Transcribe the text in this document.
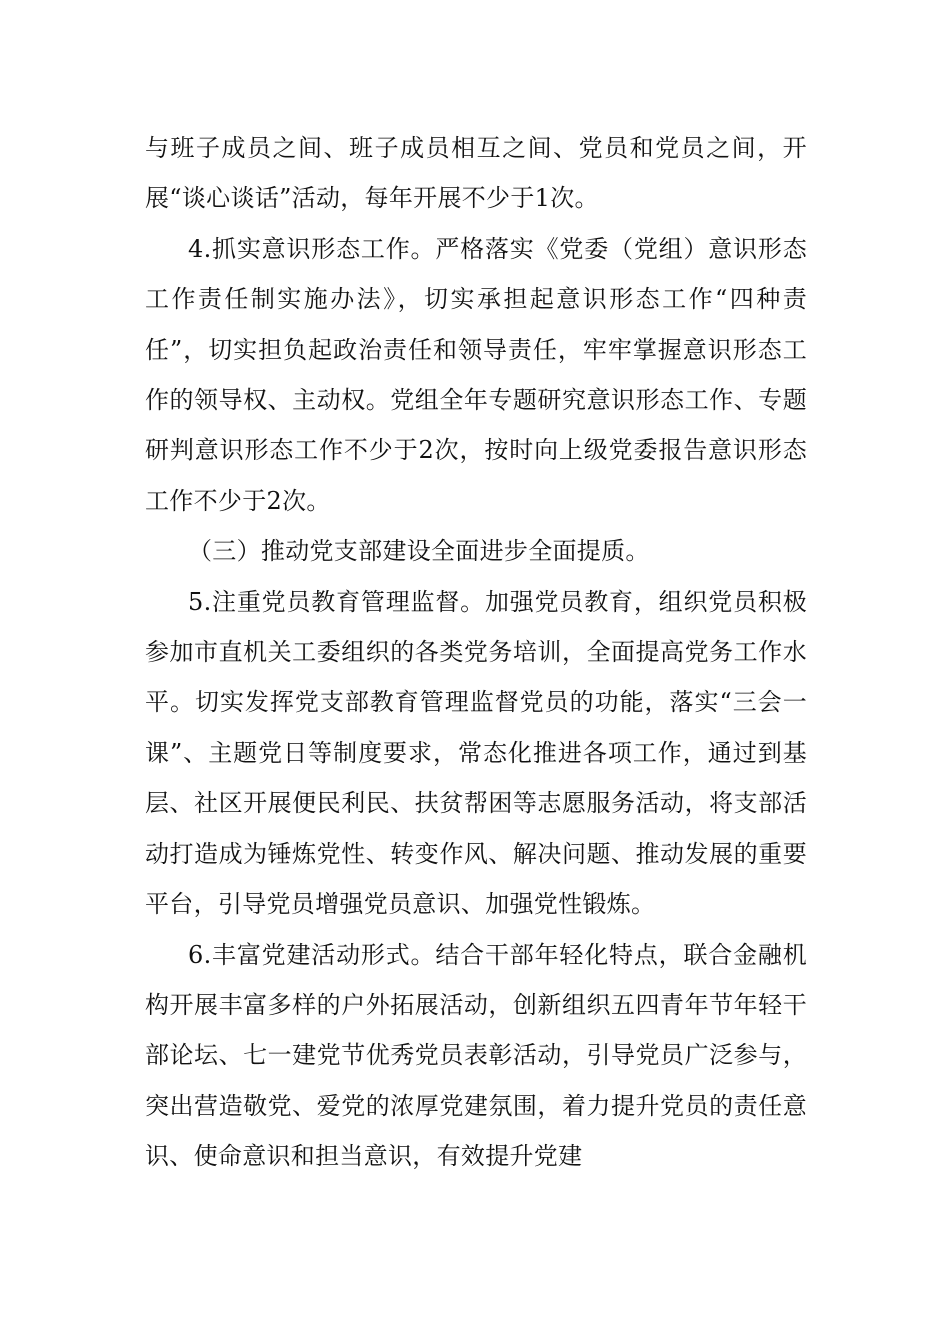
与班子成员之间、班子成员相互之间、党员和党员之间，开展“谈心谈话”活动，每年开展不少于1次。

4.抓实意识形态工作。严格落实《党委（党组）意识形态工作责任制实施办法》，切实承担起意识形态工作“四种责任”，切实担负起政治责任和领导责任，牢牢掌握意识形态工作的领导权、主动权。党组全年专题研究意识形态工作、专题研判意识形态工作不少于2次，按时向上级党委报告意识形态工作不少于2次。

（三）推动党支部建设全面进步全面提质。

5.注重党员教育管理监督。加强党员教育，组织党员积极参加市直机关工委组织的各类党务培训，全面提高党务工作水平。切实发挥党支部教育管理监督党员的功能，落实“三会一课”、主题党日等制度要求，常态化推进各项工作，通过到基层、社区开展便民利民、扶贫帮困等志愿服务活动，将支部活动打造成为锤炼党性、转变作风、解决问题、推动发展的重要平台，引导党员增强党员意识、加强党性锻炼。

6.丰富党建活动形式。结合干部年轻化特点，联合金融机构开展丰富多样的户外拓展活动，创新组织五四青年节年轻干部论坛、七一建党节优秀党员表彰活动，引导党员广泛参与，突出营造敬党、爱党的浓厚党建氛围，着力提升党员的责任意识、使命意识和担当意识，有效提升党建
